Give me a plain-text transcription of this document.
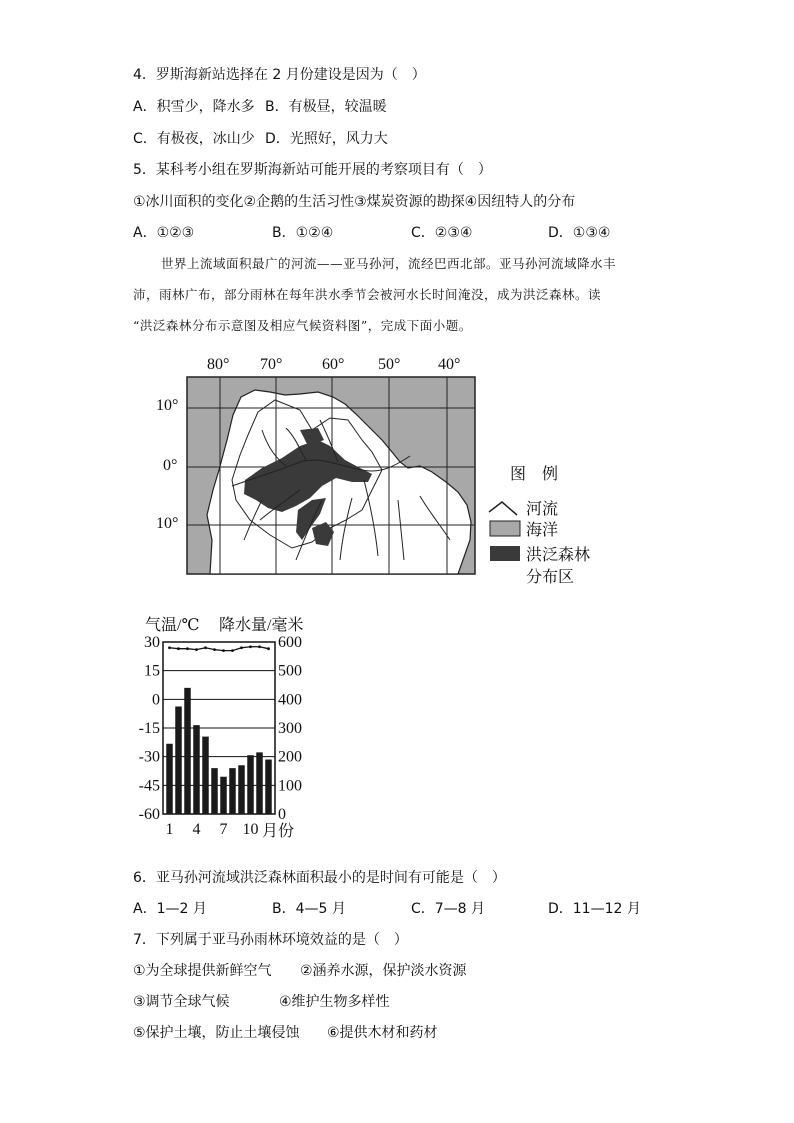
4．罗斯海新站选择在 2 月份建设是因为（　）
A．积雪少，降水多 B．有极昼，较温暖
C．有极夜，冰山少 D．光照好，风力大
5．某科考小组在罗斯海新站可能开展的考察项目有（　）
①冰川面积的变化②企鹅的生活习性③煤炭资源的勘探④因纽特人的分布
A．①②③	B．①②④	C．②③④	D．①③④

世界上流域面积最广的河流——亚马孙河，流经巴西北部。亚马孙河流域降水丰

沛，雨林广布，部分雨林在每年洪水季节会被河水长时间淹没，成为洪泛森林。读

“洪泛森林分布示意图及相应气候资料图”，完成下面小题。

80° 70° 60° 50° 40°
10°
0°
10°
图　例
河流
海洋
洪泛森林
分布区
气温/℃ 降水量/毫米
月份
30
15
0
-15
-30
-45
-60
600
500
400
300
200
100
0
1 4 7 10
6．亚马孙河流域洪泛森林面积最小的是时间有可能是（　）
A．1—2 月	B．4—5 月	C．7—8 月	D．11—12 月
7．下列属于亚马孙雨林环境效益的是（　）
①为全球提供新鲜空气 ②涵养水源，保护淡水资源
③调节全球气候	④维护生物多样性
⑤保护土壤，防止土壤侵蚀 ⑥提供木材和药材
